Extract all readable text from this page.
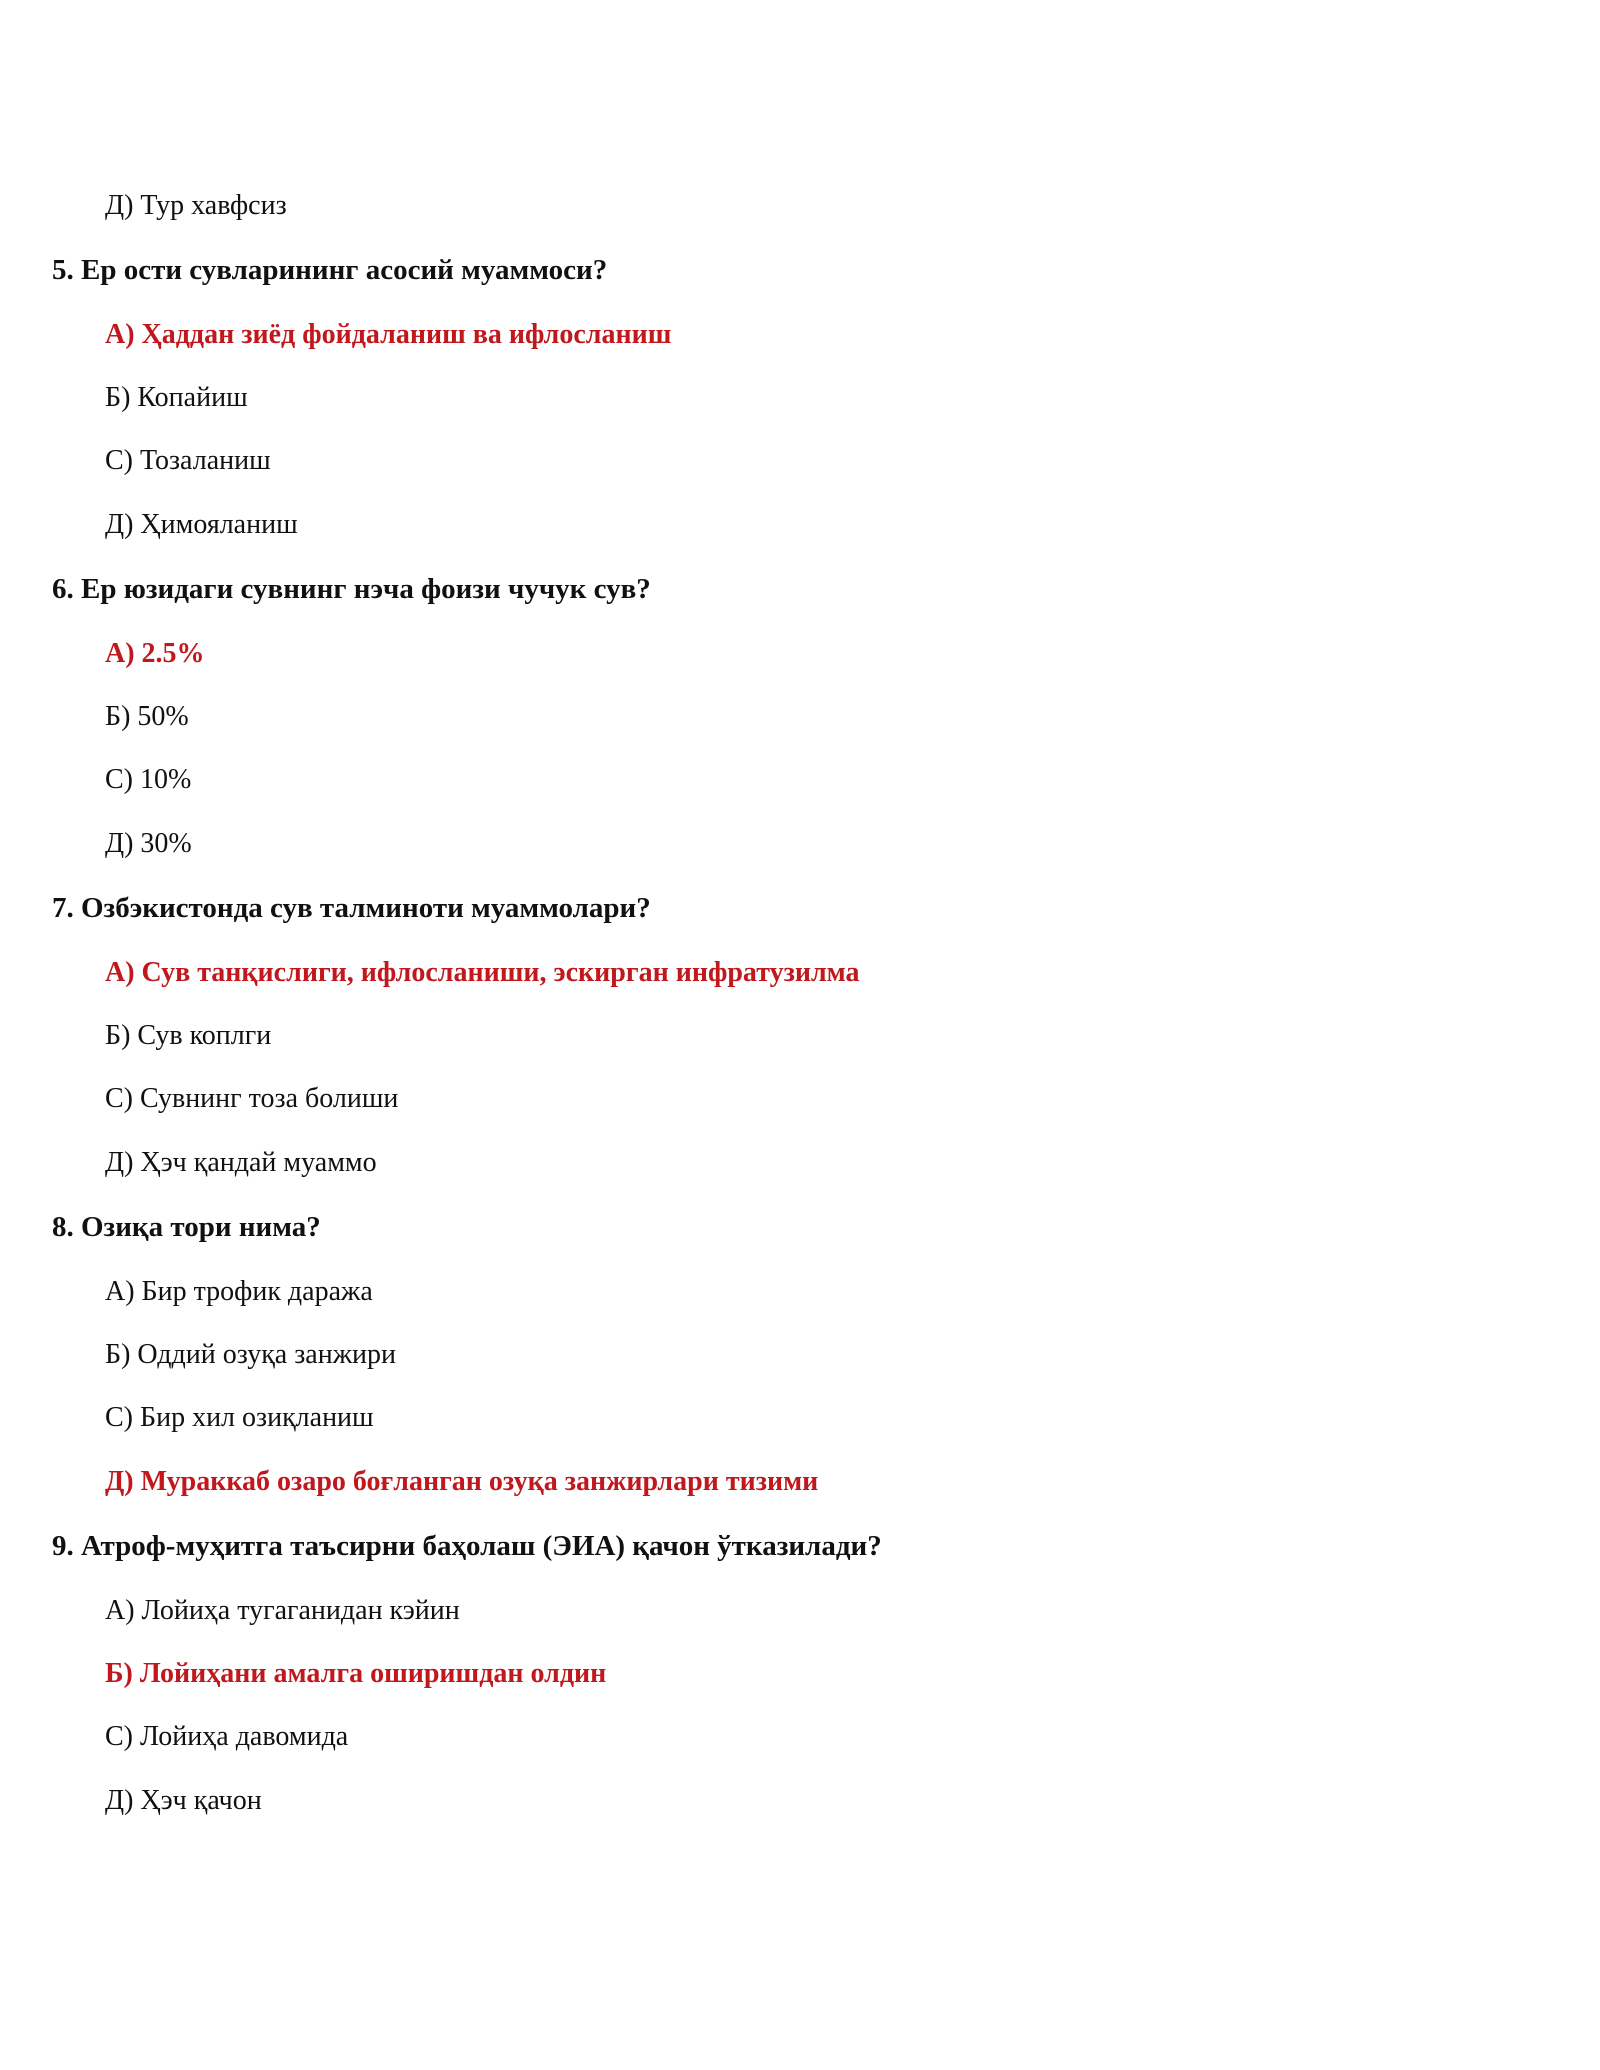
Д) Тур хавфсиз
5. Ер ости сувларининг асосий муаммоси?
А) Ҳаддан зиёд фойдаланиш ва ифлосланиш
Б) Копайиш
С) Тозаланиш
Д) Ҳимояланиш
6. Ер юзидаги сувнинг нэча фоизи чучук сув?
А) 2.5%
Б) 50%
С) 10%
Д) 30%
7. Озбэкистонда сув талминоти муаммолари?
А) Сув танқислиги, ифлосланиши, эскирган инфратузилма
Б) Сув коплги
С) Сувнинг тоза болиши
Д) Ҳэч қандай муаммо
8. Озиқа тори нима?
А) Бир трофик даража
Б) Оддий озуқа занжири
С) Бир хил озиқланиш
Д) Мураккаб озаро боғланган озуқа занжирлари тизими
9. Атроф-муҳитга таъсирни баҳолаш (ЭИА) қачон ўтказилади?
А) Лойиҳа тугаганидан кэйин
Б) Лойиҳани амалга оширишдан олдин
С) Лойиҳа давомида
Д) Ҳэч қачон
